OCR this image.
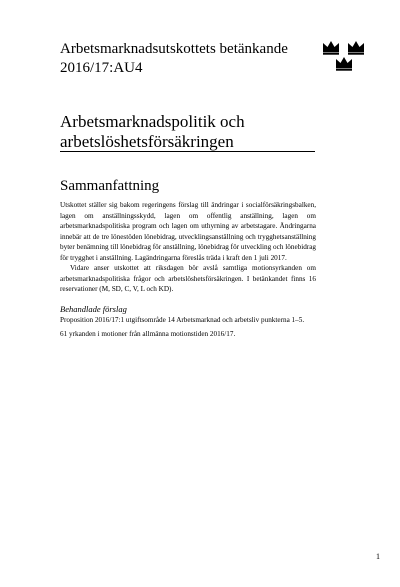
Arbetsmarknadsutskottets betänkande
2016/17:AU4
Arbetsmarknadspolitik och arbetslöshetsförsäkringen
Sammanfattning

Utskottet ställer sig bakom regeringens förslag till ändringar i socialförsäkringsbalken, lagen om anställningsskydd, lagen om offentlig anställning, lagen om arbetsmarknadspolitiska program och lagen om uthyrning av arbetstagare. Ändringarna innebär att de tre lönestöden lönebidrag, utvecklingsanställning och trygghetsanställning byter benämning till lönebidrag för anställning, lönebidrag för utveckling och lönebidrag för trygghet i anställning. Lagändringarna föreslås träda i kraft den 1 juli 2017.

Vidare anser utskottet att riksdagen bör avslå samtliga motionsyrkanden om arbetsmarknadspolitiska frågor och arbetslöshetsförsäkringen. I betänkandet finns 16 reservationer (M, SD, C, V, L och KD).

Behandlade förslag

Proposition 2016/17:1 utgiftsområde 14 Arbetsmarknad och arbetsliv punkterna 1–5.

61 yrkanden i motioner från allmänna motionstiden 2016/17.

1
